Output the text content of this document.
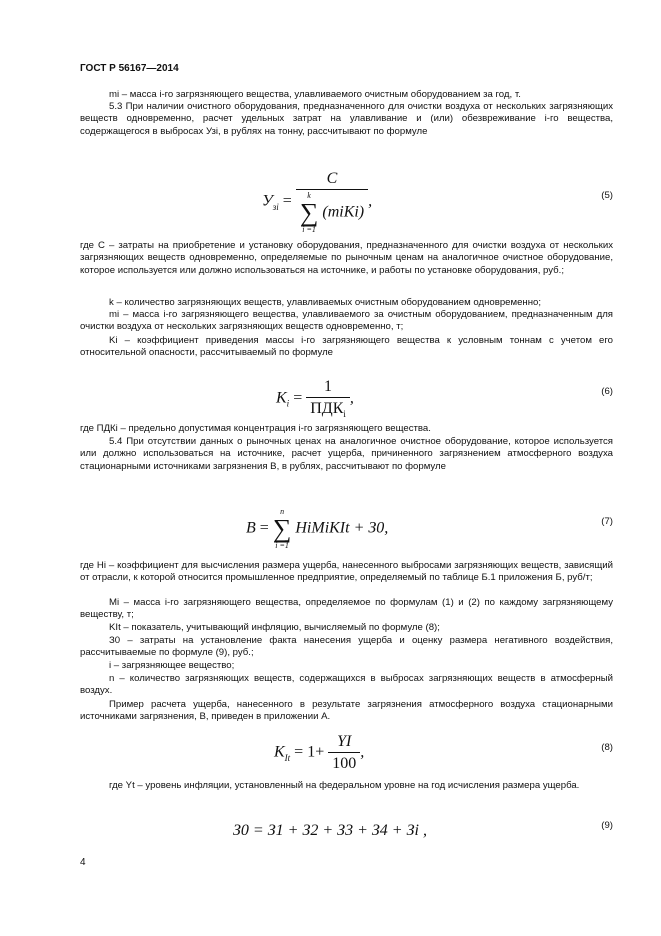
ГОСТ Р 56167—2014

mi – масса i-го загрязняющего вещества, улавливаемого очистным оборудованием за год, т.

5.3 При наличии очистного оборудования, предназначенного для очистки воздуха от нескольких загрязняющих веществ одновременно, расчет удельных затрат на улавливание и (или) обезвреживание i-го вещества, содержащегося в выбросах Узi, в рублях на тонну, рассчитывают по формуле

$У_{зi} = C$
k
∑
i =1
(miKi) ,	(5)

где С – затраты на приобретение и установку оборудования, предназначенного для очистки воздуха от нескольких загрязняющих веществ одновременно, определяемые по рыночным ценам на аналогичное очистное оборудование, которое используется или должно использоваться на источнике, и работы по установке оборудования, руб.;

k – количество загрязняющих веществ, улавливаемых очистным оборудованием одновременно;

mi – масса i-го загрязняющего вещества, улавливаемого за очистным оборудованием, предназначенным для очистки воздуха от нескольких загрязняющих веществ одновременно, т;

Ki – коэффициент приведения массы i-го загрязняющего вещества к условным тоннам с учетом его относительной опасности, рассчитываемый по формуле

$K_i = \frac{1}{ПДК_i}$ ,	(6)

где ПДКi – предельно допустимая концентрация i-го загрязняющего вещества.

5.4 При отсутствии данных о рыночных ценах на аналогичное очистное оборудование, которое используется или должно использоваться на источнике, расчет ущерба, причиненного загрязнением атмосферного воздуха стационарными источниками загрязнения В, в рублях, рассчитывают по формуле

B =
n
∑
i =1
HiMiKIt + З0,	(7)

где Hi – коэффициент для высчисления размера ущерба, нанесенного выбросами загрязняющих веществ, зависящий от отрасли, к которой относится промышленное предприятие, определяемый по таблице Б.1 приложения Б, руб/т;

Mi – масса i-го загрязняющего вещества, определяемое по формулам (1) и (2) по каждому загрязняющему веществу, т;

KIt – показатель, учитывающий инфляцию, вычисляемый по формуле (8);

З0 – затраты на установление факта нанесения ущерба и оценку размера негативного воздействия, рассчитываемые по формуле (9), руб.;

i – загрязняющее вещество;

n – количество загрязняющих веществ, содержащихся в выбросах загрязняющих веществ в атмосферный воздух.

Пример расчета ущерба, нанесенного в результате загрязнения атмосферного воздуха стационарными источниками загрязнения, В, приведен в приложении А.

$K_{It} = 1+ \frac{YI}{100}$ ,	(8)

где Yt – уровень инфляции, установленный на федеральном уровне на год исчисления размера ущерба.

З0 = З1 + З2 + З3 + З4 + Зi ,	(9)
4
